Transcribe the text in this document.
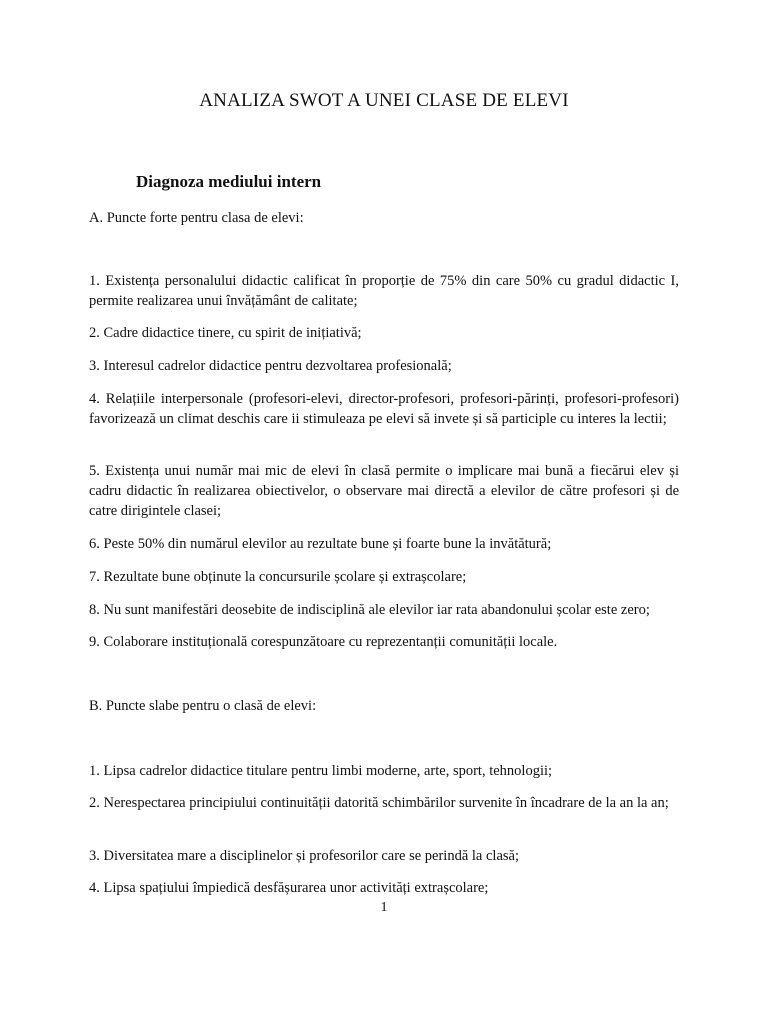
ANALIZA SWOT A UNEI CLASE DE ELEVI
Diagnoza mediului intern
A. Puncte forte pentru clasa de elevi:
1. Existența personalului didactic calificat în proporție de 75% din care 50% cu gradul didactic I, permite realizarea unui învățământ de calitate;
2. Cadre didactice tinere, cu spirit de inițiativă;
3. Interesul cadrelor didactice pentru dezvoltarea profesională;
4. Relațiile interpersonale (profesori-elevi, director-profesori, profesori-părinți, profesori-profesori) favorizează un climat deschis care ii stimuleaza pe elevi să invete și să participle cu interes la lectii;
5. Existența unui număr mai mic de elevi în clasă permite o implicare mai bună a fiecărui elev și cadru didactic în realizarea obiectivelor, o observare mai directă a elevilor de către profesori și de catre dirigintele clasei;
6. Peste 50% din numărul elevilor au rezultate bune și foarte bune la invătătură;
7. Rezultate bune obținute la concursurile școlare și extrașcolare;
8. Nu sunt manifestări deosebite de indisciplină ale elevilor iar rata abandonului școlar este zero;
9. Colaborare instituțională corespunzătoare cu reprezentanții comunității locale.
B. Puncte slabe pentru o clasă de elevi:
1. Lipsa cadrelor didactice titulare pentru limbi moderne, arte, sport, tehnologii;
2. Nerespectarea principiului continuității datorită schimbărilor survenite în încadrare de la an la an;
3. Diversitatea mare a disciplinelor și profesorilor care se perindă la clasă;
4. Lipsa spațiului împiedică desfășurarea unor activități extrașcolare;
1
